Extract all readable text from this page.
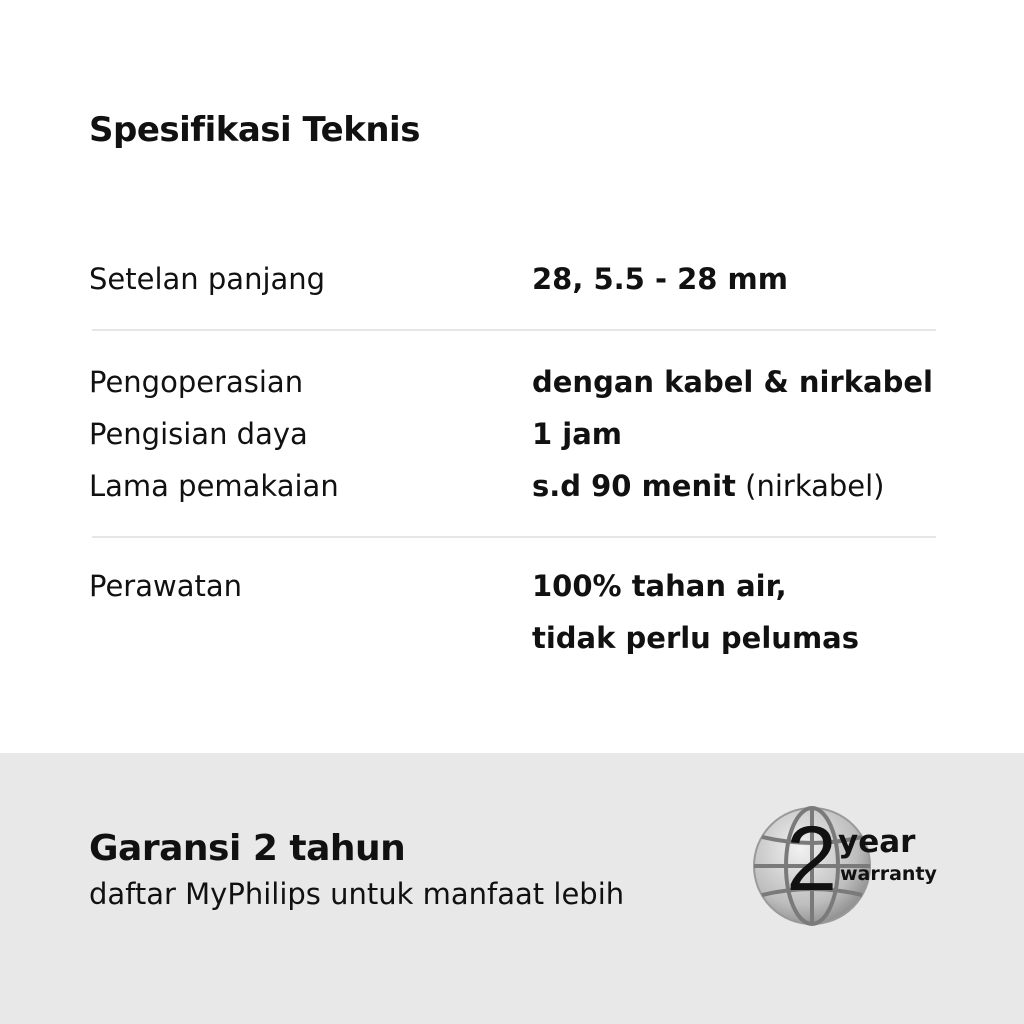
Spesifikasi Teknis
Setelan panjang	28, 5.5 - 28 mm
Pengoperasian	dengan kabel & nirkabel
Pengisian daya	1 jam
Lama pemakaian	s.d 90 menit (nirkabel)
Perawatan	100% tahan air,
tidak perlu pelumas
Garansi 2 tahun
daftar MyPhilips untuk manfaat lebih 2 year
warranty
